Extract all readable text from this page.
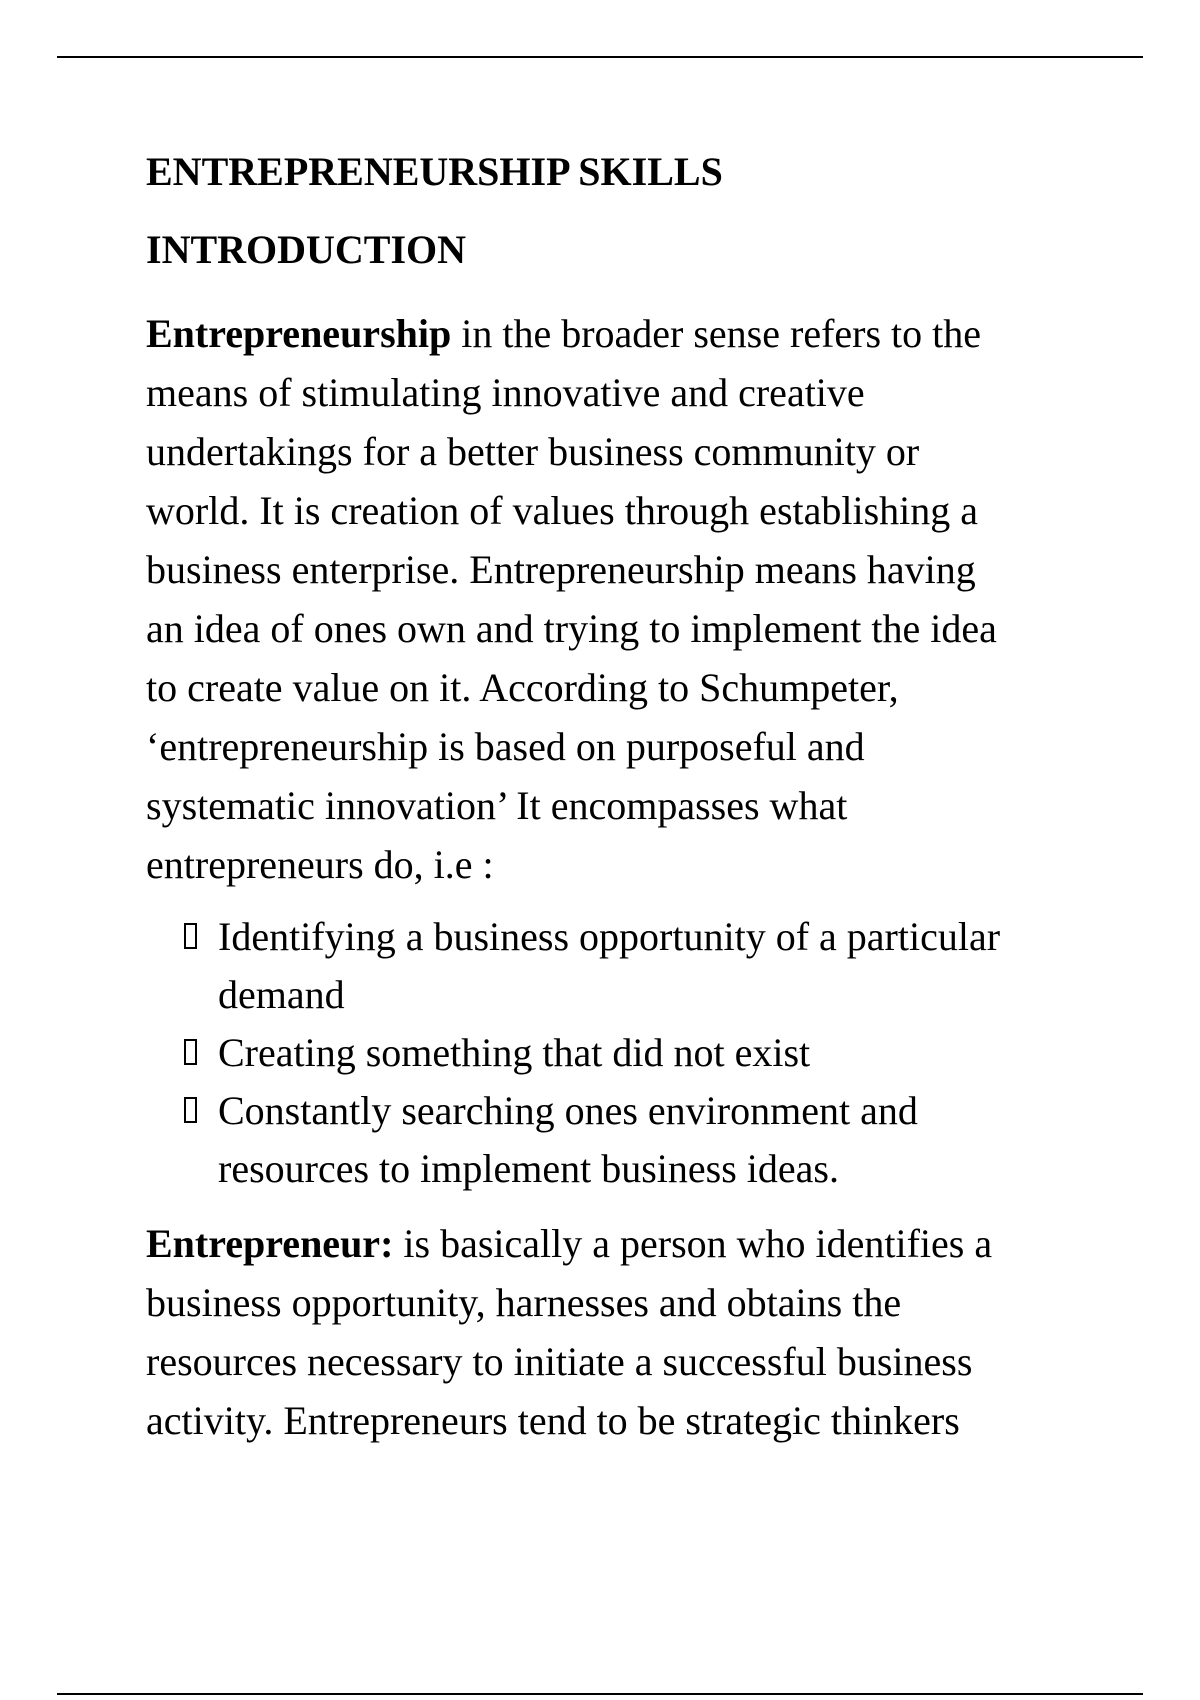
ENTREPRENEURSHIP SKILLS
INTRODUCTION

Entrepreneurship in the broader sense refers to the
means of stimulating innovative and creative
undertakings for a better business community or
world. It is creation of values through establishing a
business enterprise. Entrepreneurship means having
an idea of ones own and trying to implement the idea
to create value on it. According to Schumpeter,
‘entrepreneurship is based on purposeful and
systematic innovation’ It encompasses what
entrepreneurs do, i.e :

Identifying a business opportunity of a particular
demand
Creating something that did not exist
Constantly searching ones environment and
resources to implement business ideas.

Entrepreneur: is basically a person who identifies a
business opportunity, harnesses and obtains the
resources necessary to initiate a successful business
activity. Entrepreneurs tend to be strategic thinkers
